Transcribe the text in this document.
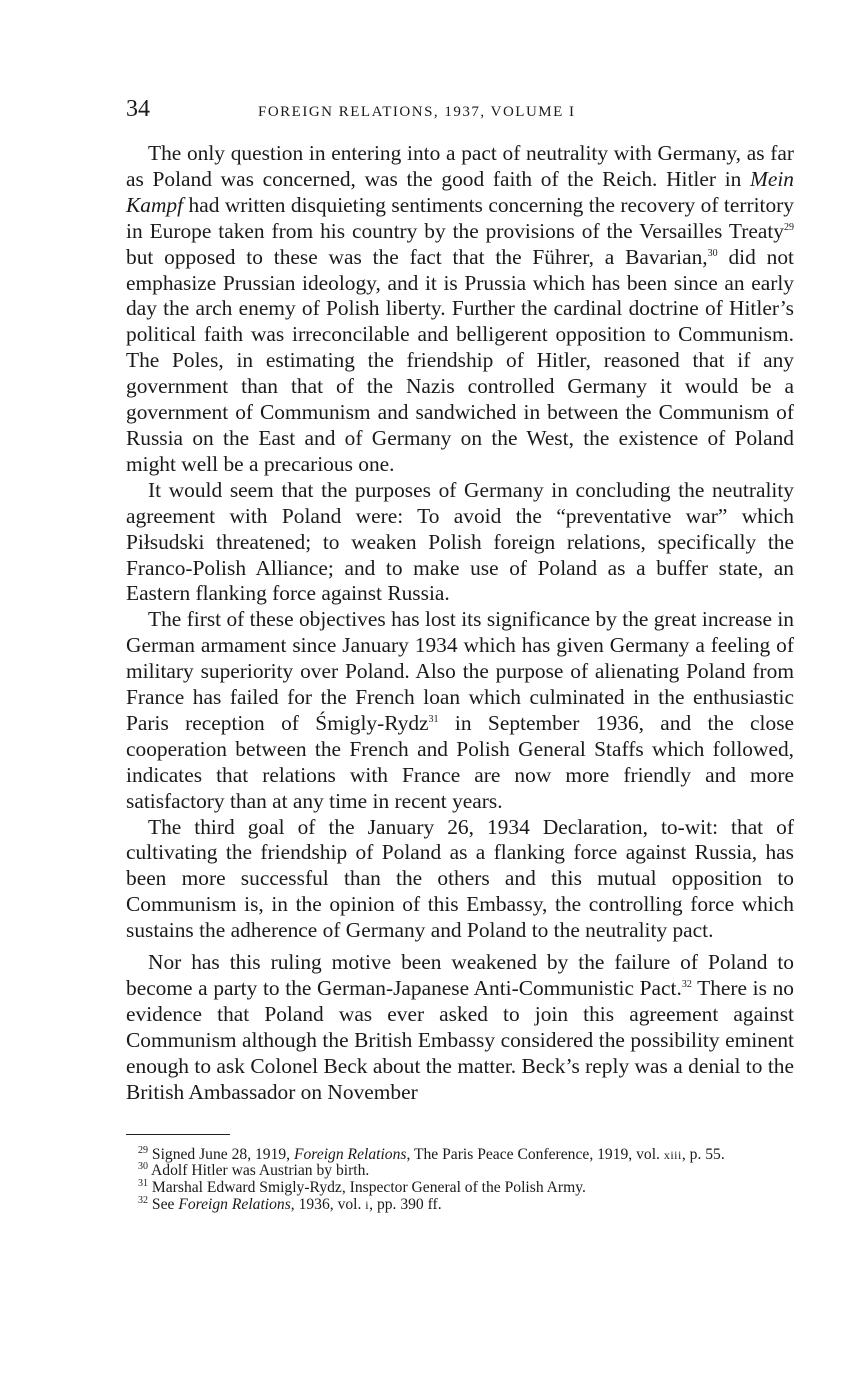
34	FOREIGN RELATIONS, 1937, VOLUME I

The only question in entering into a pact of neutrality with Germany, as far as Poland was concerned, was the good faith of the Reich. Hitler in Mein Kampf had written disquieting sentiments concerning the recovery of territory in Europe taken from his country by the provisions of the Versailles Treaty$^{29}$ but opposed to these was the fact that the Führer, a Bavarian,$^{30}$ did not emphasize Prussian ideology, and it is Prussia which has been since an early day the arch enemy of Polish liberty. Further the cardinal doctrine of Hitler’s political faith was irreconcilable and belligerent opposition to Communism. The Poles, in estimating the friendship of Hitler, reasoned that if any government than that of the Nazis controlled Germany it would be a government of Communism and sandwiched in between the Communism of Russia on the East and of Germany on the West, the existence of Poland might well be a precarious one.

It would seem that the purposes of Germany in concluding the neutrality agreement with Poland were: To avoid the “preventative war” which Piłsudski threatened; to weaken Polish foreign relations, specifically the Franco-Polish Alliance; and to make use of Poland as a buffer state, an Eastern flanking force against Russia.

The first of these objectives has lost its significance by the great increase in German armament since January 1934 which has given Germany a feeling of military superiority over Poland. Also the purpose of alienating Poland from France has failed for the French loan which culminated in the enthusiastic Paris reception of Śmigly-Rydz$^{31}$ in September 1936, and the close cooperation between the French and Polish General Staffs which followed, indicates that relations with France are now more friendly and more satisfactory than at any time in recent years.

The third goal of the January 26, 1934 Declaration, to-wit: that of cultivating the friendship of Poland as a flanking force against Russia, has been more successful than the others and this mutual opposition to Communism is, in the opinion of this Embassy, the controlling force which sustains the adherence of Germany and Poland to the neutrality pact.

Nor has this ruling motive been weakened by the failure of Poland to become a party to the German-Japanese Anti-Communistic Pact.$^{32}$ There is no evidence that Poland was ever asked to join this agreement against Communism although the British Embassy considered the possibility eminent enough to ask Colonel Beck about the matter. Beck’s reply was a denial to the British Ambassador on November

$^{29}$ Signed June 28, 1919, Foreign Relations, The Paris Peace Conference, 1919, vol. xiii, p. 55.

$^{30}$ Adolf Hitler was Austrian by birth.

$^{31}$ Marshal Edward Smigly-Rydz, Inspector General of the Polish Army.

$^{32}$ See Foreign Relations, 1936, vol. i, pp. 390 ff.
